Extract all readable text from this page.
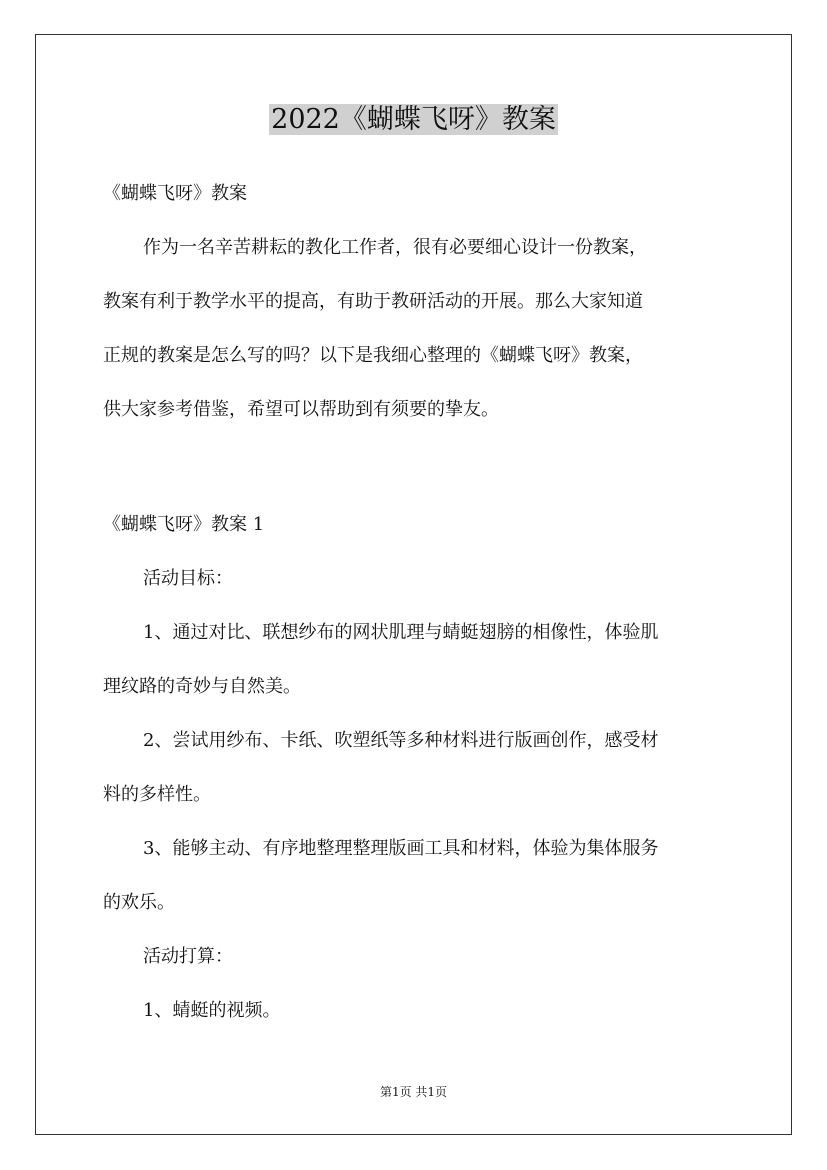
2022《蝴蝶飞呀》教案
《蝴蝶飞呀》教案
作为一名辛苦耕耘的教化工作者，很有必要细心设计一份教案，
教案有利于教学水平的提高，有助于教研活动的开展。那么大家知道
正规的教案是怎么写的吗？以下是我细心整理的《蝴蝶飞呀》教案，
供大家参考借鉴，希望可以帮助到有须要的挚友。
《蝴蝶飞呀》教案 1
活动目标：
1、通过对比、联想纱布的网状肌理与蜻蜓翅膀的相像性，体验肌
理纹路的奇妙与自然美。
2、尝试用纱布、卡纸、吹塑纸等多种材料进行版画创作，感受材
料的多样性。
3、能够主动、有序地整理整理版画工具和材料，体验为集体服务
的欢乐。
活动打算：
1、蜻蜓的视频。
第1页 共1页
